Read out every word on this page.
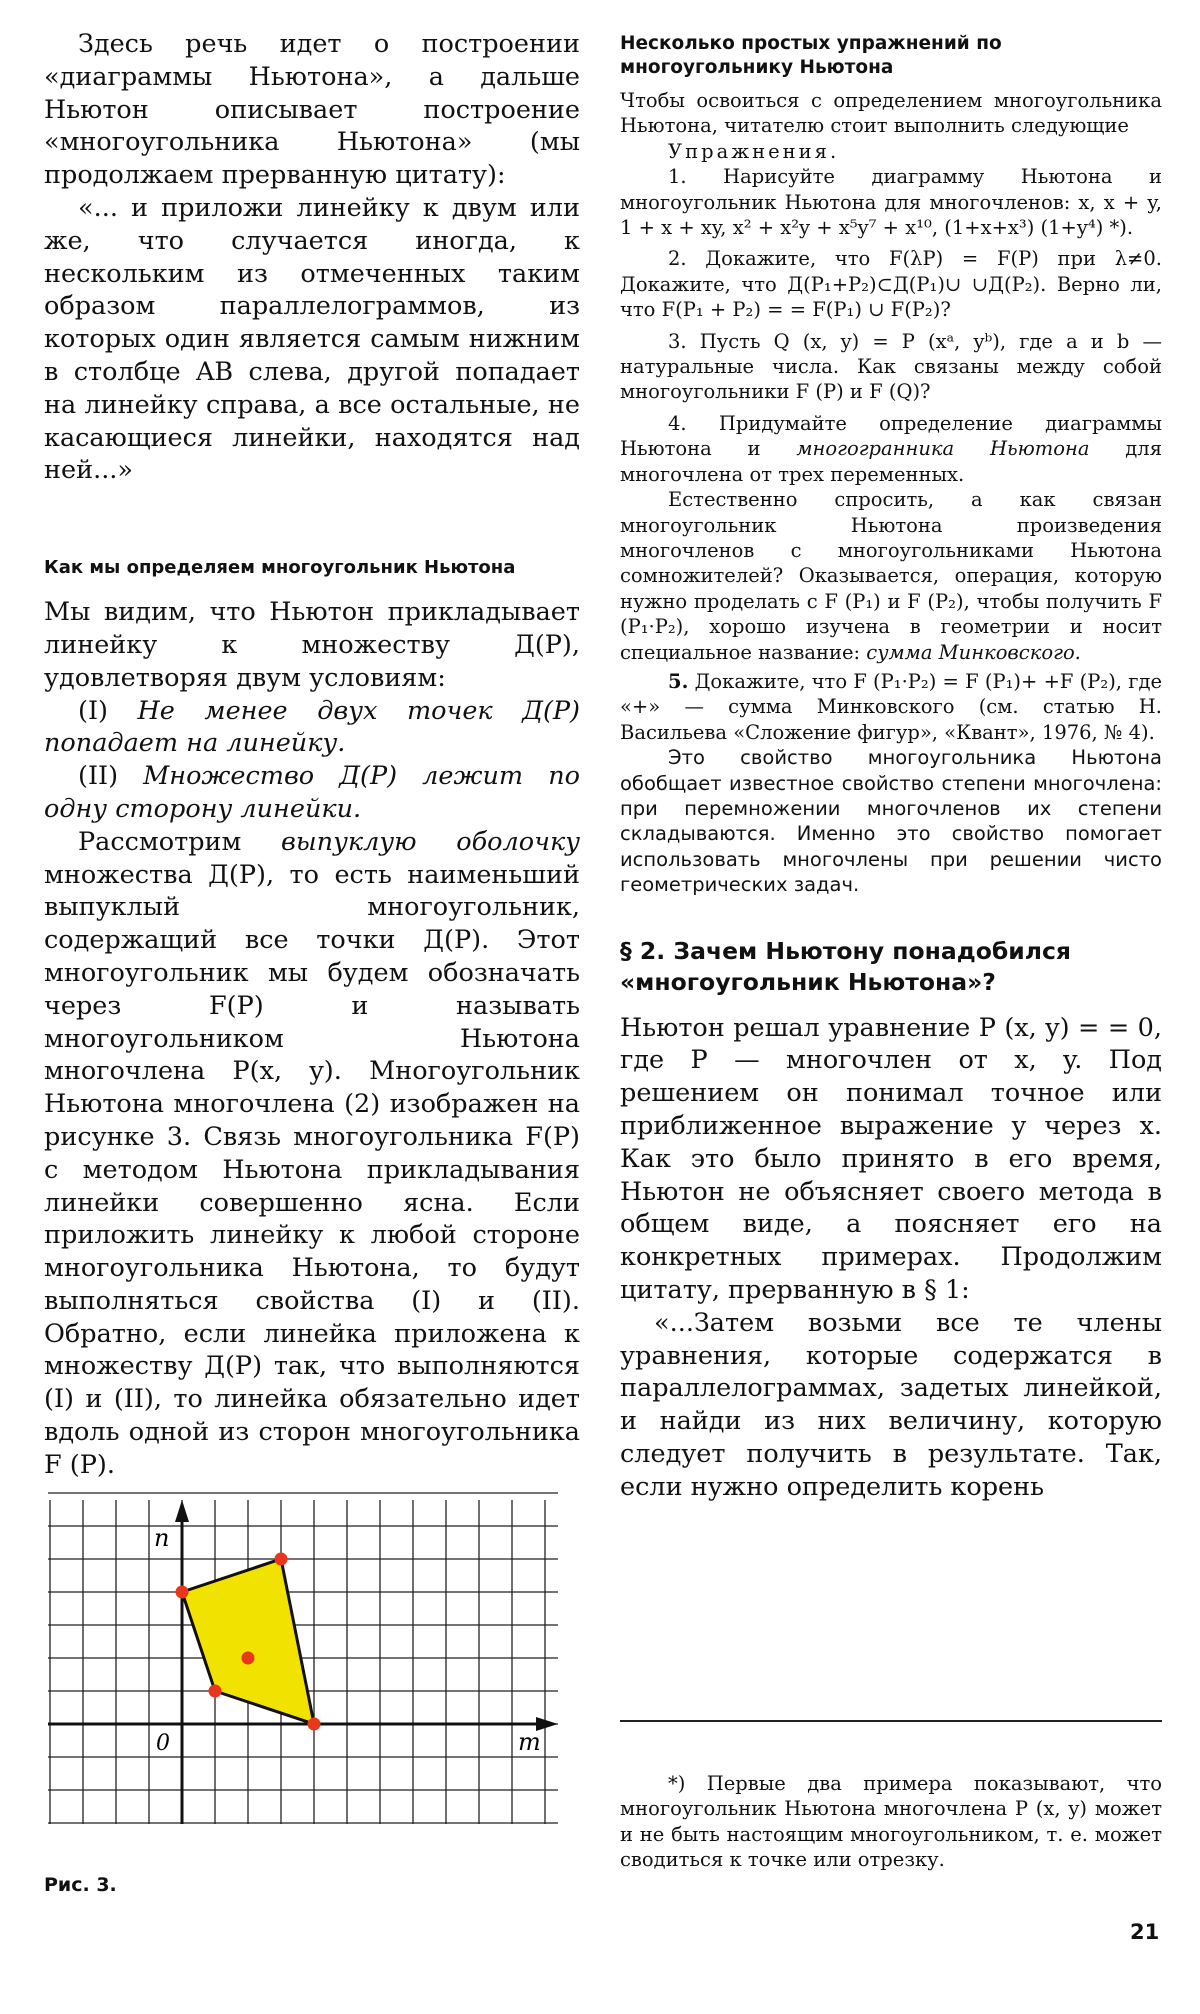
Здесь речь идет о построении «диаграммы Ньютона», а дальше Ньютон описывает построение «многоугольника Ньютона» (мы продолжаем прерванную цитату):

«... и приложи линейку к двум или же, что случается иногда, к нескольким из отмеченных таким образом параллелограммов, из которых один является самым нижним в столбце AB слева, другой попадает на линейку справа, а все остальные, не касающиеся линейки, находятся над ней...»

Как мы определяем многоугольник Ньютона

Мы видим, что Ньютон прикладывает линейку к множеству Д(P), удовлетворяя двум условиям:

(I) Не менее двух точек Д(P) попадает на линейку.

(II) Множество Д(P) лежит по одну сторону линейки.

Рассмотрим выпуклую оболочку множества Д(P), то есть наименьший выпуклый многоугольник, содержащий все точки Д(P). Этот многоугольник мы будем обозначать через F(P) и называть многоугольником Ньютона многочлена P(x, y). Многоугольник Ньютона многочлена (2) изображен на рисунке 3. Связь многоугольника F(P) с методом Ньютона прикладывания линейки совершенно ясна. Если приложить линейку к любой стороне многоугольника Ньютона, то будут выполняться свойства (I) и (II). Обратно, если линейка приложена к множеству Д(P) так, что выполняются (I) и (II), то линейка обязательно идет вдоль одной из сторон многоугольника F (P).

n
m
0
Рис. 3.

Несколько простых упражнений по многоугольнику Ньютона

Чтобы освоиться с определением многоугольника Ньютона, читателю стоит выполнить следующие

Упражнения.

1. Нарисуйте диаграмму Ньютона и многоугольник Ньютона для многочленов: x, x + y, 1 + x + xy, x² + x²y + x⁵y⁷ + x¹⁰, (1+x+x³) (1+y⁴) *).

2. Докажите, что F(λP) = F(P) при λ≠0. Докажите, что Д(P₁+P₂)⊂Д(P₁)∪ ∪Д(P₂). Верно ли, что F(P₁ + P₂) = = F(P₁) ∪ F(P₂)?

3. Пусть Q (x, y) = P (xᵃ, yᵇ), где a и b — натуральные числа. Как связаны между собой многоугольники F (P) и F (Q)?

4. Придумайте определение диаграммы Ньютона и многогранника Ньютона для многочлена от трех переменных.

Естественно спросить, а как связан многоугольник Ньютона произведения многочленов с многоугольниками Ньютона сомножителей? Оказывается, операция, которую нужно проделать с F (P₁) и F (P₂), чтобы получить F (P₁·P₂), хорошо изучена в геометрии и носит специальное название: сумма Минковского.

5. Докажите, что F (P₁·P₂) = F (P₁)+ +F (P₂), где «+» — сумма Минковского (см. статью Н. Васильева «Сложение фигур», «Квант», 1976, № 4).

Это свойство многоугольника Ньютона обобщает известное свойство степени многочлена: при перемножении многочленов их степени складываются. Именно это свойство помогает использовать многочлены при решении чисто геометрических задач.

§ 2. Зачем Ньютону понадобился «многоугольник Ньютона»?

Ньютон решал уравнение P (x, y) = = 0, где P — многочлен от x, y. Под решением он понимал точное или приближенное выражение y через x. Как это было принято в его время, Ньютон не объясняет своего метода в общем виде, а поясняет его на конкретных примерах. Продолжим цитату, прерванную в § 1:

«...Затем возьми все те члены уравнения, которые содержатся в параллелограммах, задетых линейкой, и найди из них величину, которую следует получить в результате. Так, если нужно определить корень

*) Первые два примера показывают, что многоугольник Ньютона многочлена P (x, y) может и не быть настоящим многоугольником, т. е. может сводиться к точке или отрезку.

21
